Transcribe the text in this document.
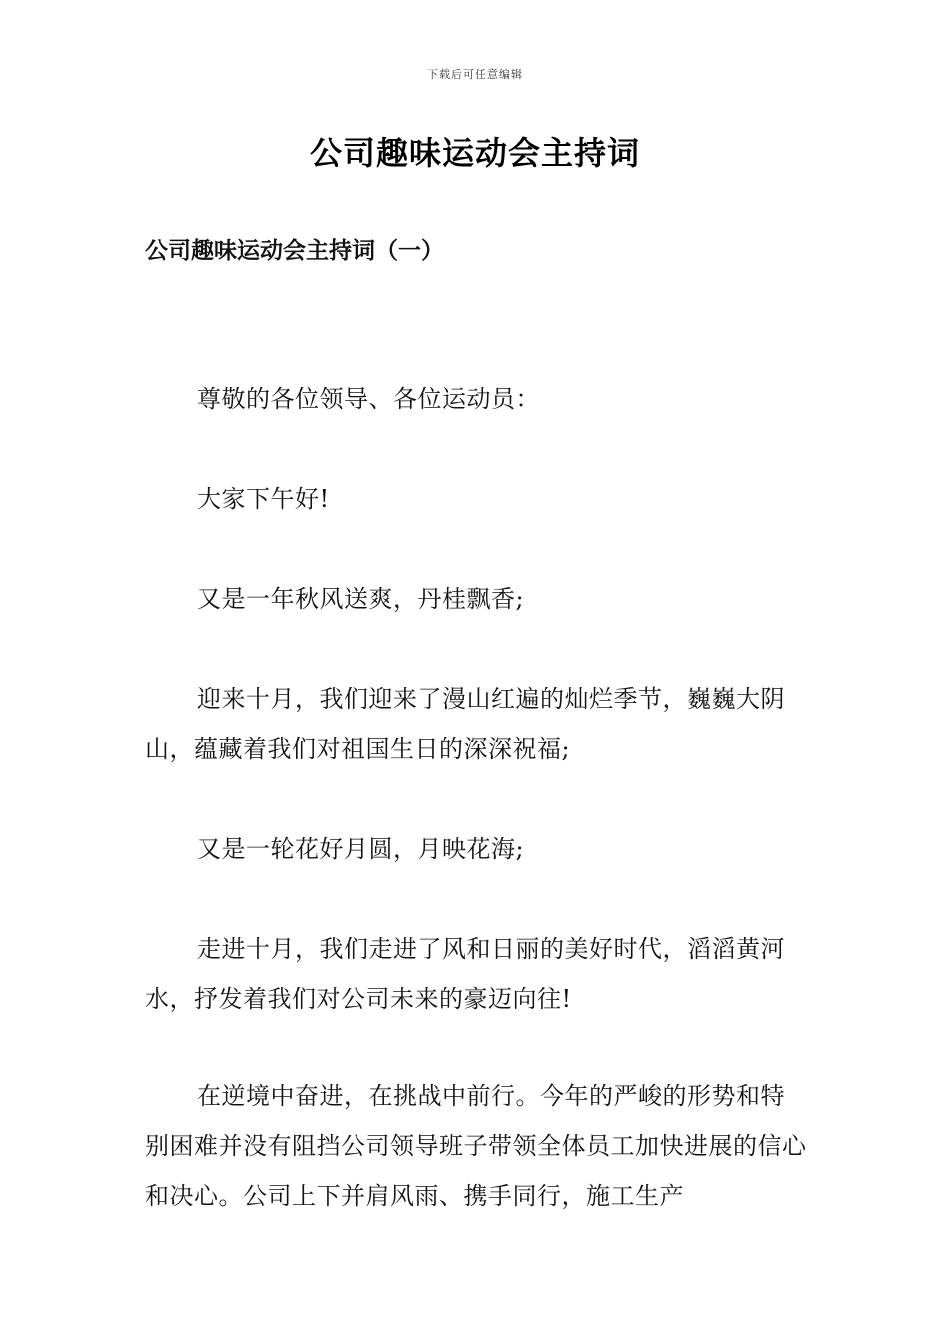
下载后可任意编辑
公司趣味运动会主持词
公司趣味运动会主持词（一）

尊敬的各位领导、各位运动员：

大家下午好!

又是一年秋风送爽，丹桂飘香;

迎来十月，我们迎来了漫山红遍的灿烂季节，巍巍大阴山，蕴藏着我们对祖国生日的深深祝福;

又是一轮花好月圆，月映花海;

走进十月，我们走进了风和日丽的美好时代，滔滔黄河水，抒发着我们对公司未来的豪迈向往!

在逆境中奋进，在挑战中前行。今年的严峻的形势和特别困难并没有阻挡公司领导班子带领全体员工加快进展的信心和决心。公司上下并肩风雨、携手同行，施工生产
